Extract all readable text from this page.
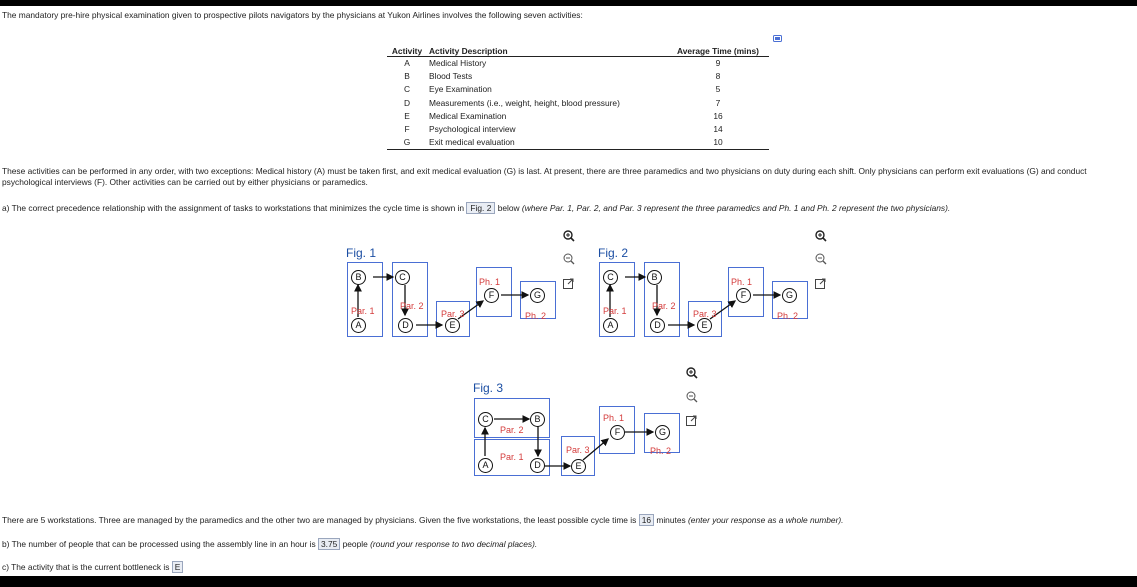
The mandatory pre-hire physical examination given to prospective pilots navigators by the physicians at Yukon Airlines involves the following seven activities:
Activity	Activity Description	Average Time (mins)
A	Medical History	9
B	Blood Tests	8
C	Eye Examination	5
D	Measurements (i.e., weight, height, blood pressure)	7
E	Medical Examination	16
F	Psychological interview	14
G	Exit medical evaluation	10
These activities can be performed in any order, with two exceptions: Medical history (A) must be taken first, and exit medical evaluation (G) is last. At present, there are three paramedics and two physicians on duty during each shift. Only physicians can perform exit evaluations (G) and conduct psychological interviews (F). Other activities can be carried out by either physicians or paramedics.
a) The correct precedence relationship with the assignment of tasks to workstations that minimizes the cycle time is shown in Fig. 2 below (where Par. 1, Par. 2, and Par. 3 represent the three paramedics and Ph. 1 and Ph. 2 represent the two physicians).
Fig. 1
B	C
A	D	E
F	G
Par. 1	Par. 2
Par. 3
Ph. 1
Ph. 2
Fig. 2
C	B
A	D	E
F	G
Par. 1	Par. 2
Par. 3
Ph. 1
Ph. 2
Fig. 3
C	B
A	D	E
F	G
Par. 2
Par. 1
Par. 3
Ph. 1
Ph. 2
There are 5 workstations. Three are managed by the paramedics and the other two are managed by physicians. Given the five workstations, the least possible cycle time is 16 minutes (enter your response as a whole number).
b) The number of people that can be processed using the assembly line in an hour is 3.75 people (round your response to two decimal places).
c) The activity that is the current bottleneck is E
